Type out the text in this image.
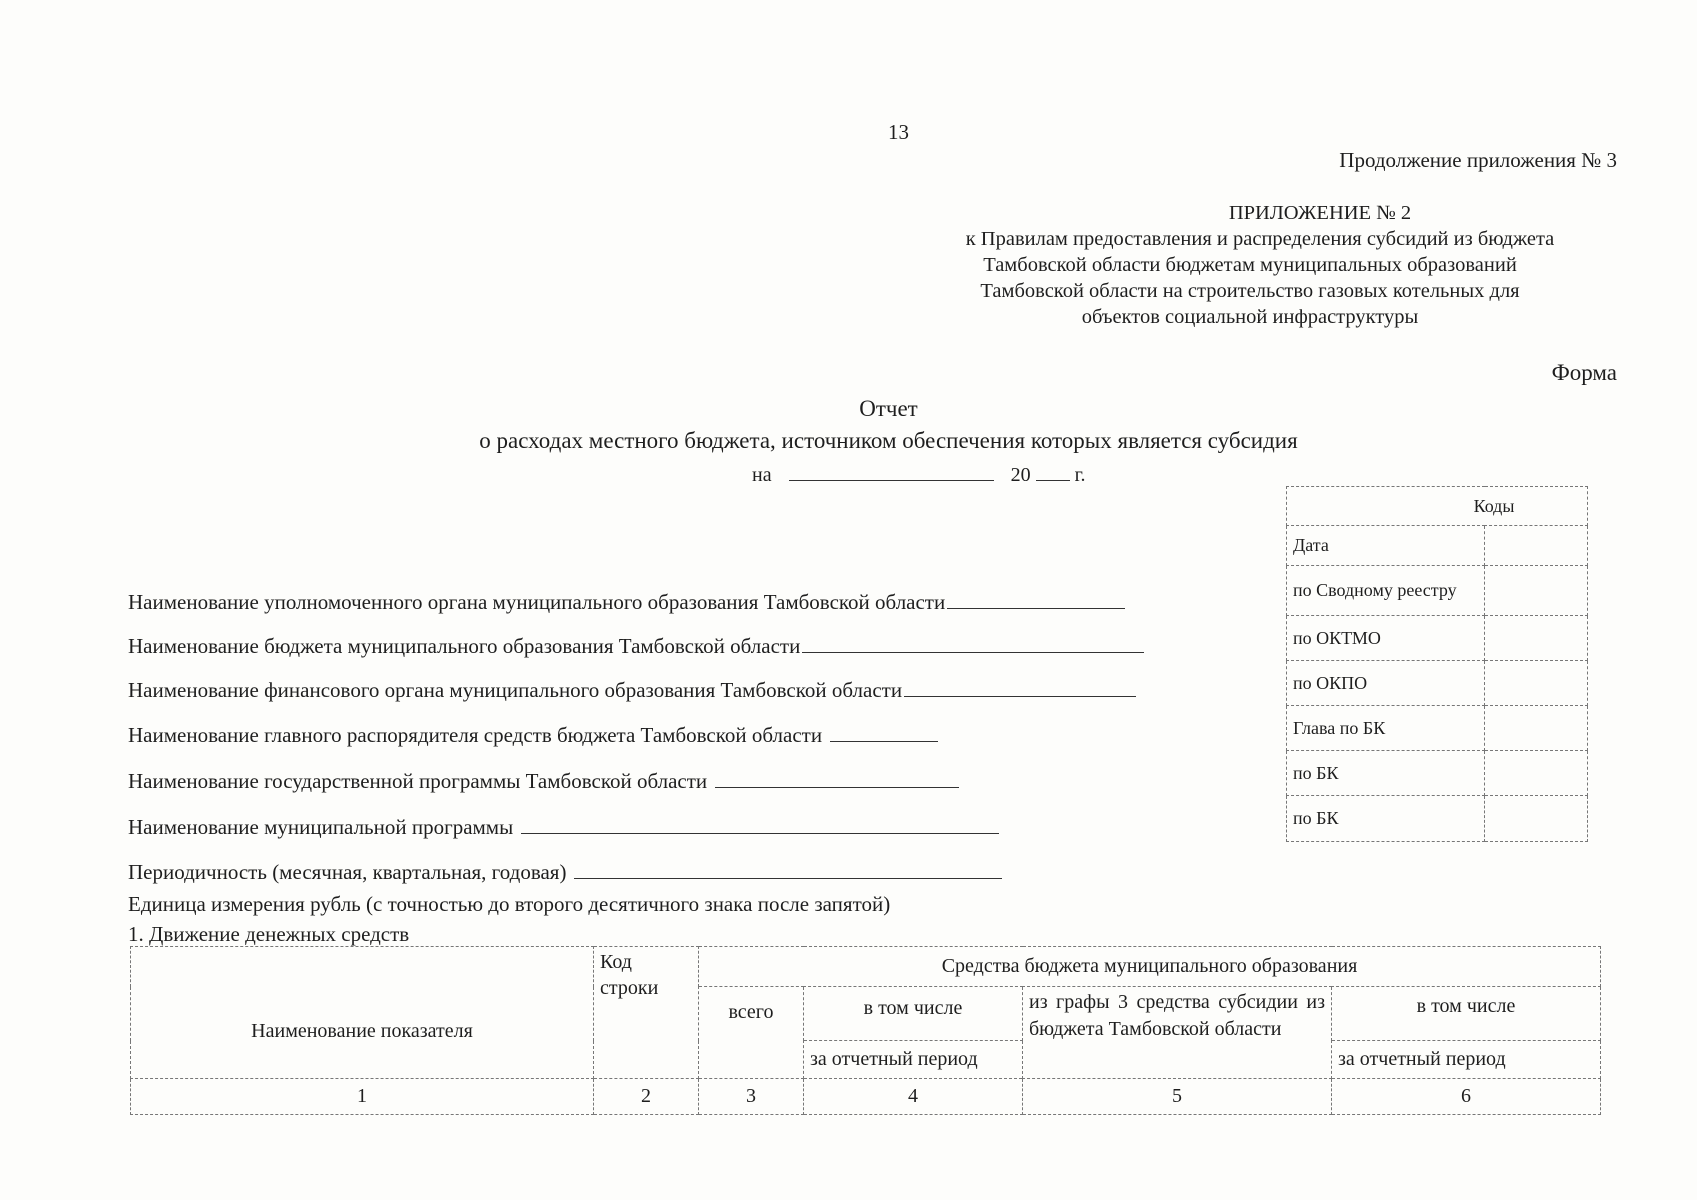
13
Продолжение приложения № 3
ПРИЛОЖЕНИЕ № 2
к Правилам предоставления и распределения субсидий из бюджета
Тамбовской области бюджетам муниципальных образований
Тамбовской области на строительство газовых котельных для
объектов социальной инфраструктуры
Форма
Отчет
о расходах местного бюджета, источником обеспечения которых является субсидия
на	20 г.
Коды	
Дата	
по Сводному реестру	
по ОКТМО	
по ОКПО	
Глава по БК	
по БК	
по БК	
Наименование уполномоченного органа муниципального образования Тамбовской области
Наименование бюджета муниципального образования Тамбовской области
Наименование финансового органа муниципального образования Тамбовской области
Наименование главного распорядителя средств бюджета Тамбовской области
Наименование государственной программы Тамбовской области
Наименование муниципальной программы
Периодичность (месячная, квартальная, годовая)
Единица измерения рубль (с точностью до второго десятичного знака после запятой)
1. Движение денежных средств
Наименование показателя	Код строки	Средства бюджета муниципального образования			
		всего	в том числе	из графы 3 средства субсидии из бюджета Тамбовской области	в том числе
			за отчетный период		за отчетный период
1	2	3	4	5	6
